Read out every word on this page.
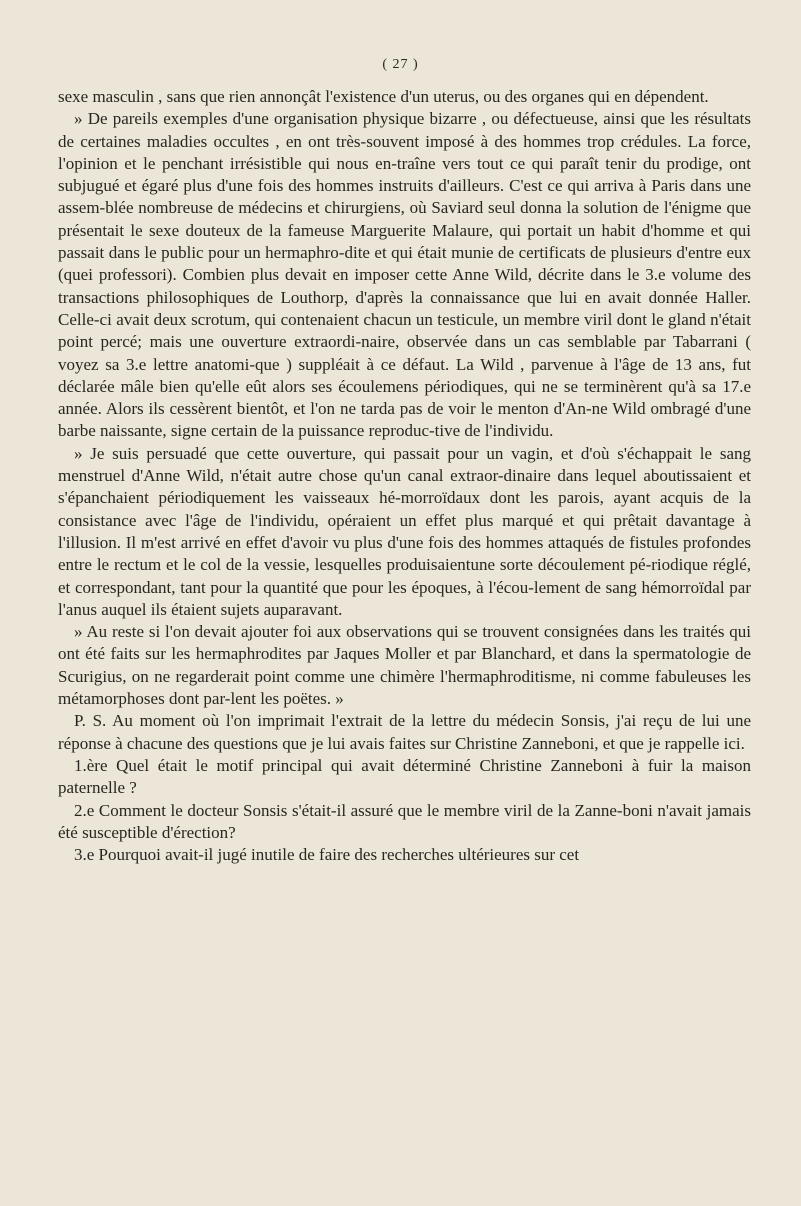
( 27 )

sexe masculin , sans que rien annonçât l'existence d'un uterus, ou des organes qui en dépendent.

» De pareils exemples d'une organisation physique bizarre , ou défectueuse, ainsi que les résultats de certaines maladies occultes , en ont très-souvent imposé à des hommes trop crédules. La force, l'opinion et le penchant irrésistible qui nous en-traîne vers tout ce qui paraît tenir du prodige, ont subjugué et égaré plus d'une fois des hommes instruits d'ailleurs. C'est ce qui arriva à Paris dans une assem-blée nombreuse de médecins et chirurgiens, où Saviard seul donna la solution de l'énigme que présentait le sexe douteux de la fameuse Marguerite Malaure, qui portait un habit d'homme et qui passait dans le public pour un hermaphro-dite et qui était munie de certificats de plusieurs d'entre eux (quei professori). Combien plus devait en imposer cette Anne Wild, décrite dans le 3.e volume des transactions philosophiques de Louthorp, d'après la connaissance que lui en avait donnée Haller. Celle-ci avait deux scrotum, qui contenaient chacun un testicule, un membre viril dont le gland n'était point percé; mais une ouverture extraordi-naire, observée dans un cas semblable par Tabarrani ( voyez sa 3.e lettre anatomi-que ) suppléait à ce défaut. La Wild , parvenue à l'âge de 13 ans, fut déclarée mâle bien qu'elle eût alors ses écoulemens périodiques, qui ne se terminèrent qu'à sa 17.e année. Alors ils cessèrent bientôt, et l'on ne tarda pas de voir le menton d'An-ne Wild ombragé d'une barbe naissante, signe certain de la puissance reproduc-tive de l'individu.

» Je suis persuadé que cette ouverture, qui passait pour un vagin, et d'où s'échappait le sang menstruel d'Anne Wild, n'était autre chose qu'un canal extraor-dinaire dans lequel aboutissaient et s'épanchaient périodiquement les vaisseaux hé-morroïdaux dont les parois, ayant acquis de la consistance avec l'âge de l'individu, opéraient un effet plus marqué et qui prêtait davantage à l'illusion. Il m'est arrivé en effet d'avoir vu plus d'une fois des hommes attaqués de fistules profondes entre le rectum et le col de la vessie, lesquelles produisaientune sorte découlement pé-riodique réglé, et correspondant, tant pour la quantité que pour les époques, à l'écou-lement de sang hémorroïdal par l'anus auquel ils étaient sujets auparavant.

» Au reste si l'on devait ajouter foi aux observations qui se trouvent consignées dans les traités qui ont été faits sur les hermaphrodites par Jaques Moller et par Blanchard, et dans la spermatologie de Scurigius, on ne regarderait point comme une chimère l'hermaphroditisme, ni comme fabuleuses les métamorphoses dont par-lent les poëtes. »

P. S. Au moment où l'on imprimait l'extrait de la lettre du médecin Sonsis, j'ai reçu de lui une réponse à chacune des questions que je lui avais faites sur Christine Zanneboni, et que je rappelle ici.

1.ère Quel était le motif principal qui avait déterminé Christine Zanneboni à fuir la maison paternelle ?

2.e Comment le docteur Sonsis s'était-il assuré que le membre viril de la Zanne-boni n'avait jamais été susceptible d'érection?

3.e Pourquoi avait-il jugé inutile de faire des recherches ultérieures sur cet
